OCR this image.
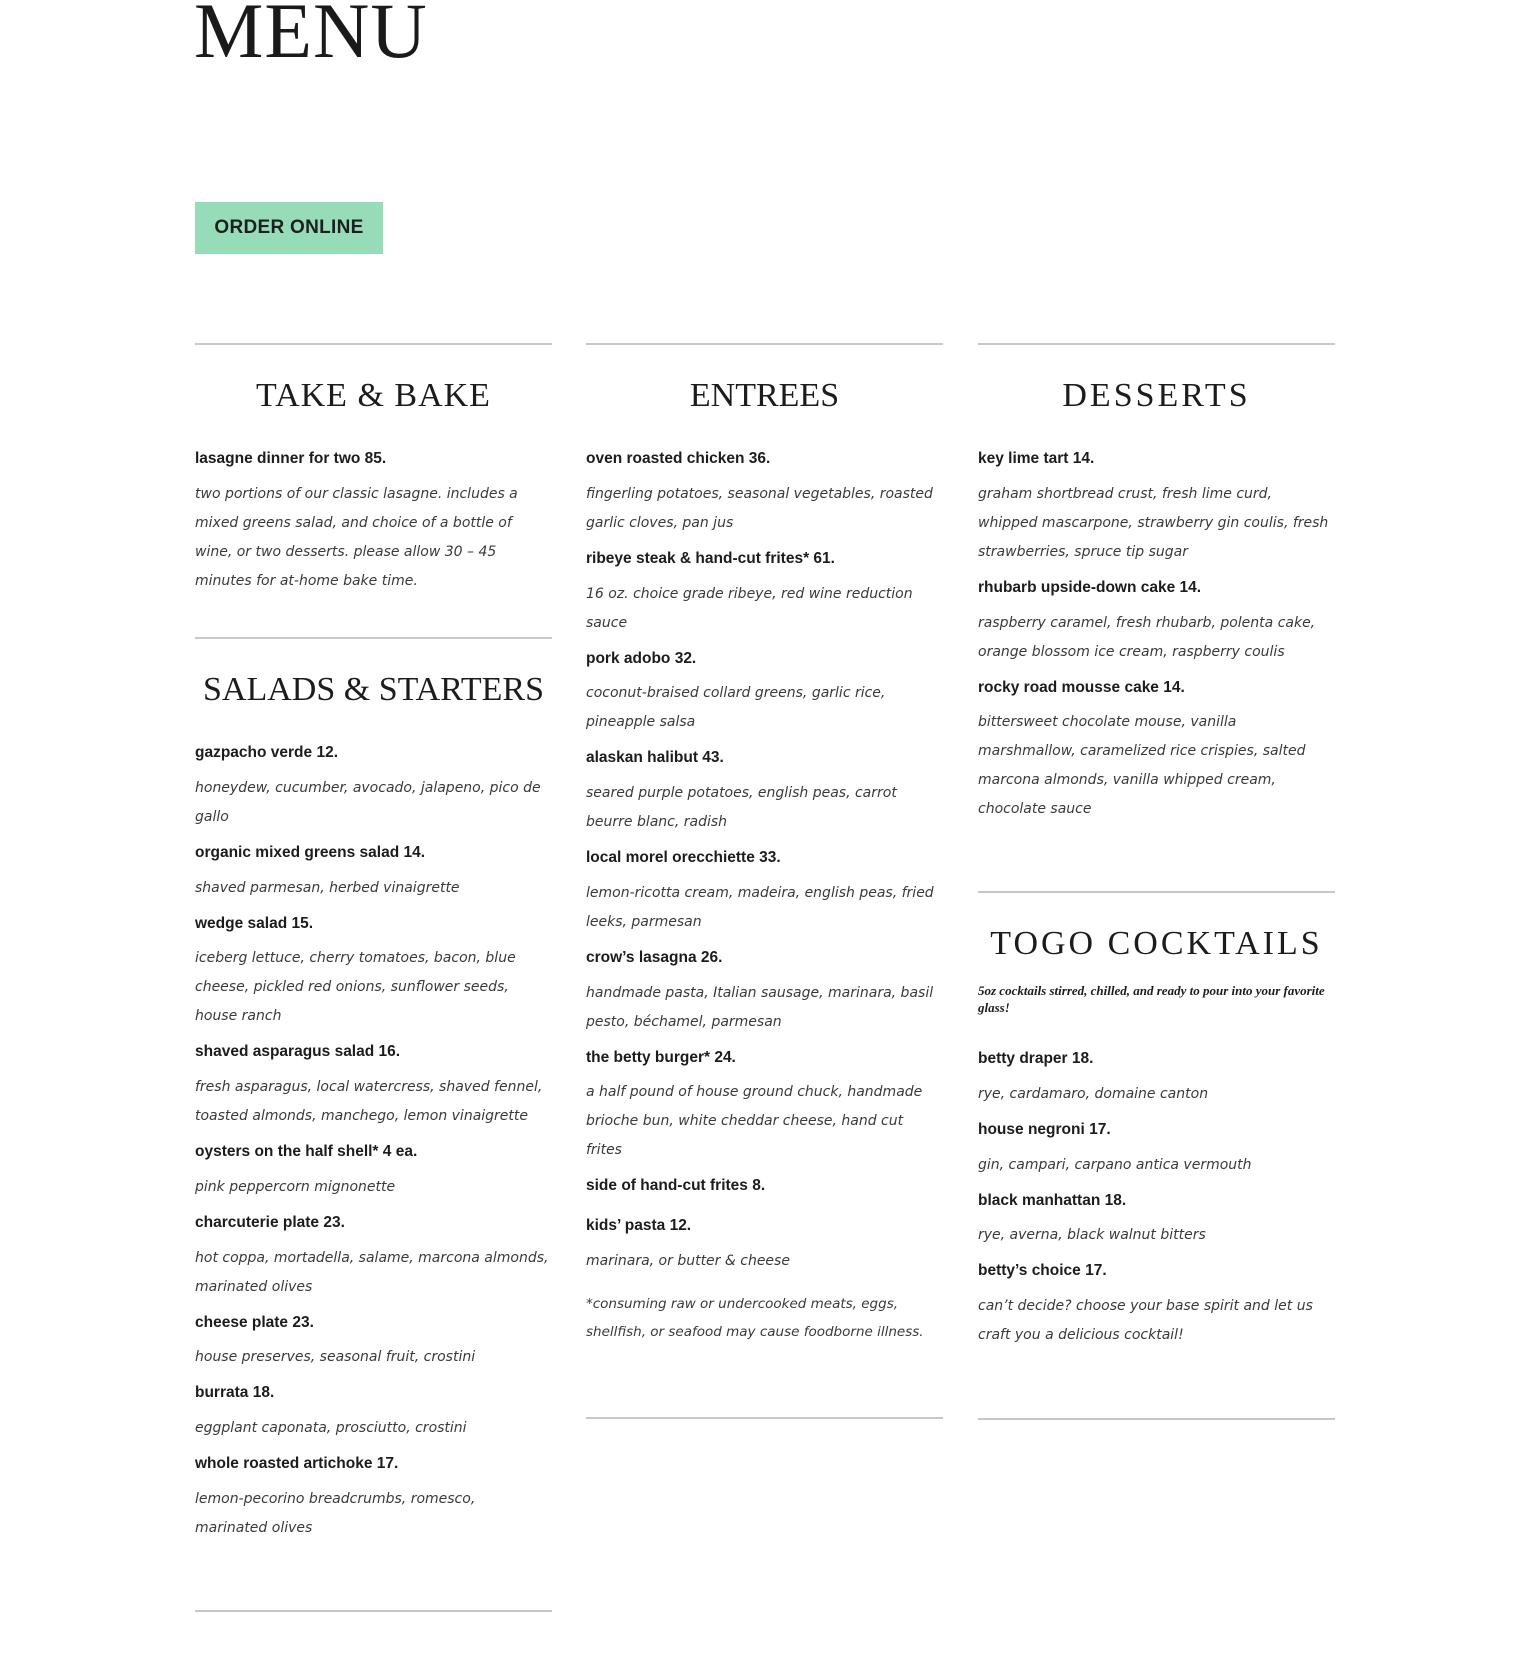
MENU
ORDER ONLINE
TAKE & BAKE
lasagne dinner for two 85.
two portions of our classic lasagne. includes a mixed greens salad, and choice of a bottle of wine, or two desserts. please allow 30 – 45 minutes for at-home bake time.
SALADS & STARTERS
gazpacho verde 12.
honeydew, cucumber, avocado, jalapeno, pico de gallo
organic mixed greens salad 14.
shaved parmesan, herbed vinaigrette
wedge salad 15.
iceberg lettuce, cherry tomatoes, bacon, blue cheese, pickled red onions, sunflower seeds, house ranch
shaved asparagus salad 16.
fresh asparagus, local watercress, shaved fennel, toasted almonds, manchego, lemon vinaigrette
oysters on the half shell* 4 ea.
pink peppercorn mignonette
charcuterie plate 23.
hot coppa, mortadella, salame, marcona almonds, marinated olives
cheese plate 23.
house preserves, seasonal fruit, crostini
burrata 18.
eggplant caponata, prosciutto, crostini
whole roasted artichoke 17.
lemon-pecorino breadcrumbs, romesco, marinated olives
ENTREES
oven roasted chicken 36.
fingerling potatoes, seasonal vegetables, roasted garlic cloves, pan jus
ribeye steak & hand-cut frites* 61.
16 oz. choice grade ribeye, red wine reduction sauce
pork adobo 32.
coconut-braised collard greens, garlic rice, pineapple salsa
alaskan halibut 43.
seared purple potatoes, english peas, carrot beurre blanc, radish
local morel orecchiette 33.
lemon-ricotta cream, madeira, english peas, fried leeks, parmesan
crow’s lasagna 26.
handmade pasta, Italian sausage, marinara, basil pesto, béchamel, parmesan
the betty burger* 24.
a half pound of house ground chuck, handmade brioche bun, white cheddar cheese, hand cut frites
side of hand-cut frites 8.
kids’ pasta 12.
marinara, or butter & cheese
*consuming raw or undercooked meats, eggs, shellfish, or seafood may cause foodborne illness.
DESSERTS
key lime tart 14.
graham shortbread crust, fresh lime curd, whipped mascarpone, strawberry gin coulis, fresh strawberries, spruce tip sugar
rhubarb upside-down cake 14.
raspberry caramel, fresh rhubarb, polenta cake, orange blossom ice cream, raspberry coulis
rocky road mousse cake 14.
bittersweet chocolate mouse, vanilla marshmallow, caramelized rice crispies, salted marcona almonds, vanilla whipped cream, chocolate sauce
TOGO COCKTAILS
5oz cocktails stirred, chilled, and ready to pour into your favorite glass!
betty draper 18.
rye, cardamaro, domaine canton
house negroni 17.
gin, campari, carpano antica vermouth
black manhattan 18.
rye, averna, black walnut bitters
betty’s choice 17.
can’t decide? choose your base spirit and let us craft you a delicious cocktail!
